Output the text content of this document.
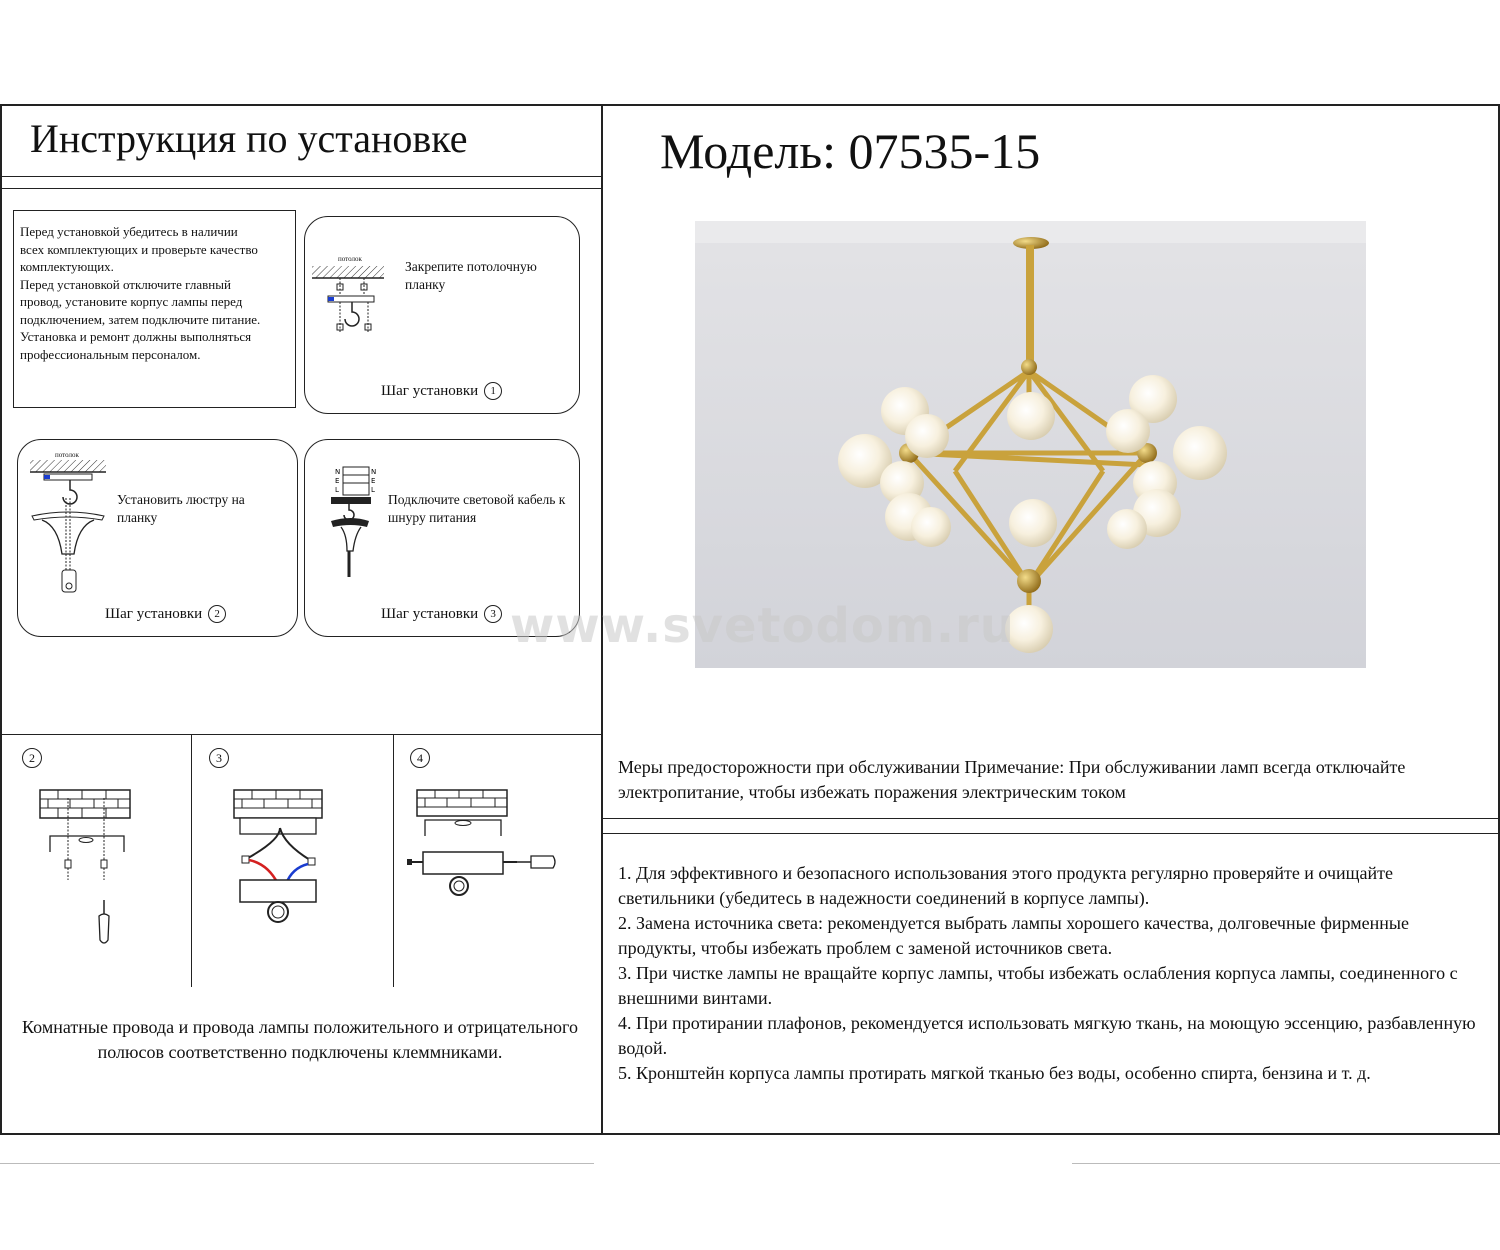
Инструкция по установке	Модель: 07535-15

Перед установкой убедитесь в наличии

всех комплектующих и проверьте качество

комплектующих.

Перед установкой отключите главный

провод, установите корпус лампы перед

подключением, затем подключите питание.

Установка и ремонт должны выполняться

профессиональным персоналом.

потолок	Закрепите потолочную планку
Шаг установки 1
потолок
Установить люстру на планку
Шаг установки 2
N	N
E	E
L	L
Подключите световой кабель к шнуру питания
Шаг установки 3
2	3	4
Комнатные провода и провода лампы положительного и отрицательного полюсов соответственно подключены клеммниками.
www.svetodom.ru
Меры предосторожности при обслуживании Примечание: При обслуживании ламп всегда отключайте электропитание, чтобы избежать поражения электрическим током

1. Для эффективного и безопасного использования этого продукта регулярно проверяйте и очищайте светильники (убедитесь в надежности соединений в корпусе лампы).

2. Замена источника света: рекомендуется выбрать лампы хорошего качества, долговечные фирменные продукты, чтобы избежать проблем с заменой источников света.

3. При чистке лампы не вращайте корпус лампы, чтобы избежать ослабления корпуса лампы, соединенного с внешними винтами.

4. При протирании плафонов, рекомендуется использовать мягкую ткань, на моющую эссенцию, разбавленную водой.

5. Кронштейн корпуса лампы протирать мягкой тканью без воды, особенно спирта, бензина и т. д.
